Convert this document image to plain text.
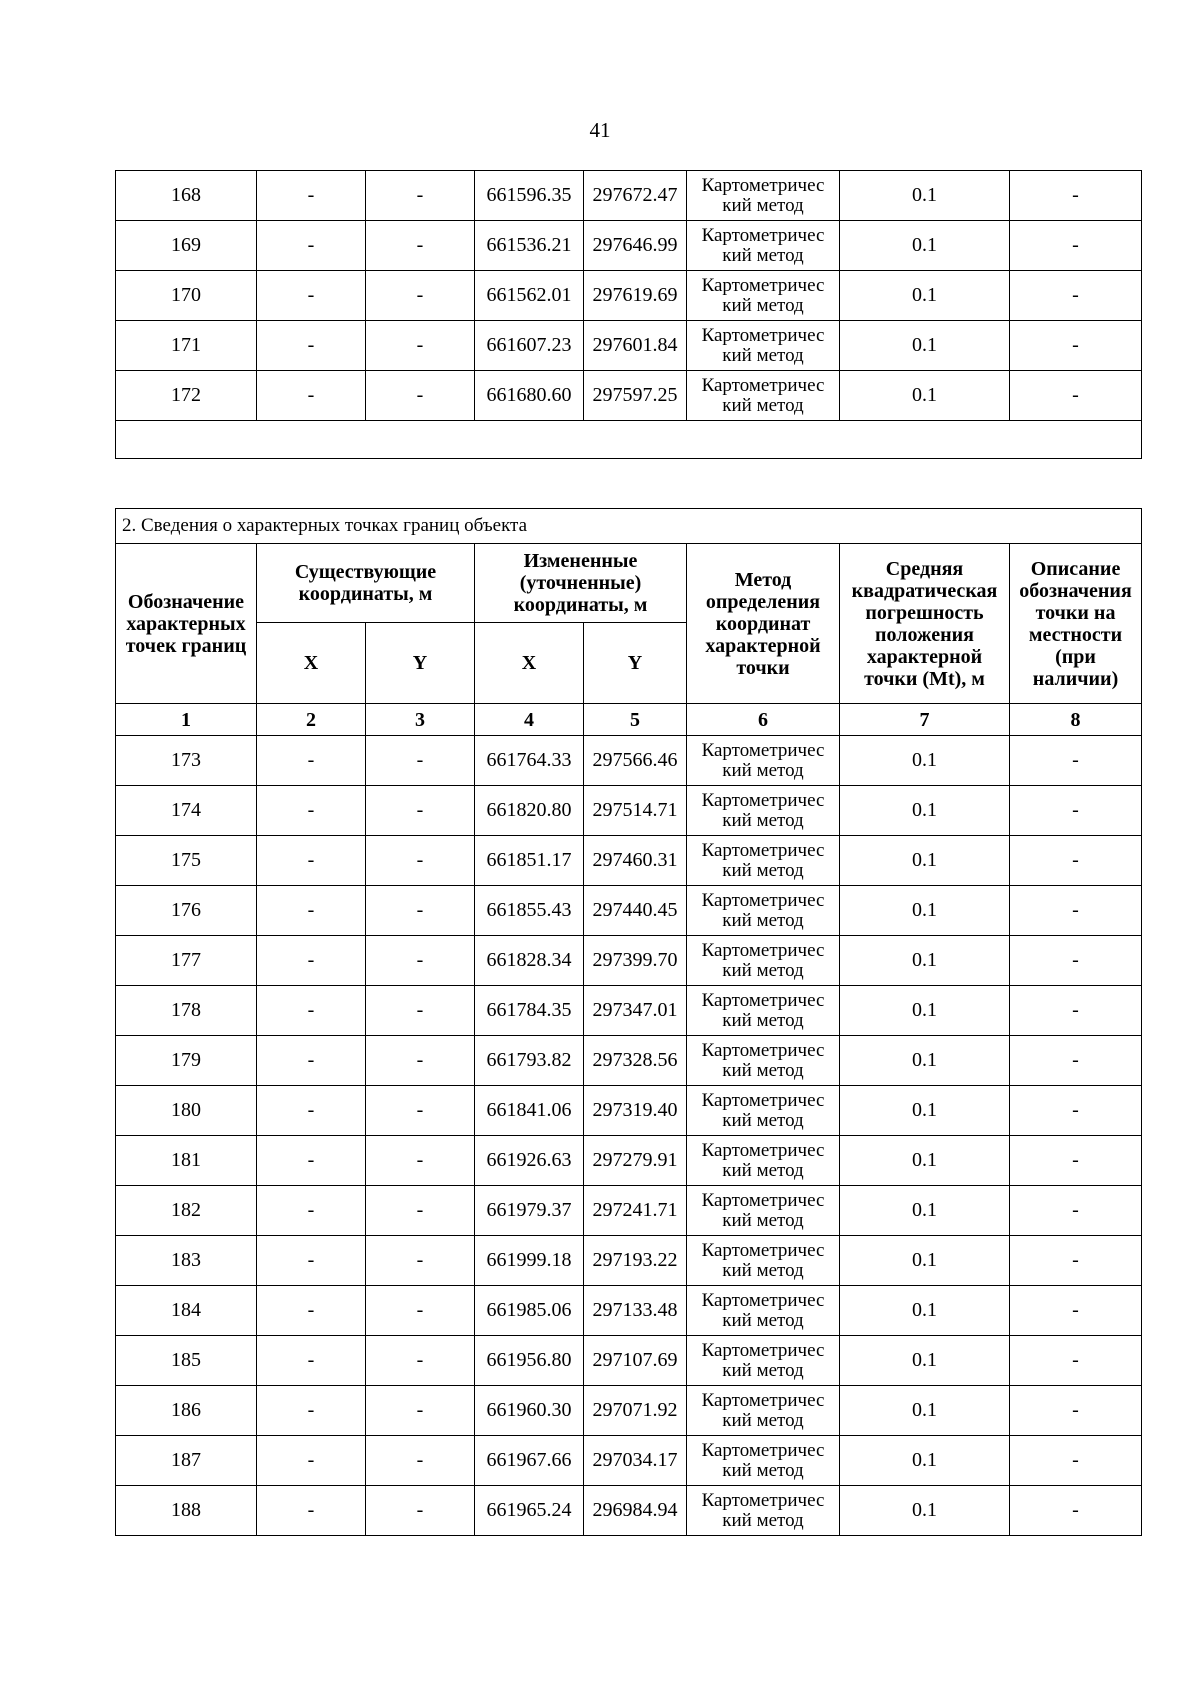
41
168	-	-	661596.35	297672.47	Картометричес кий метод	0.1	-
169	-	-	661536.21	297646.99	Картометричес кий метод	0.1	-
170	-	-	661562.01	297619.69	Картометричес кий метод	0.1	-
171	-	-	661607.23	297601.84	Картометричес кий метод	0.1	-
172	-	-	661680.60	297597.25	Картометричес кий метод	0.1	-

2. Сведения о характерных точках границ объекта							
Обозначение характерных точек границ	Существующие координаты, м		Измененные (уточненные) координаты, м		Метод определения координат характерной точки	Средняя квадратическая погрешность положения характерной точки (Mt), м	Описание обозначения точки на местности (при наличии)
	X	Y	X	Y			
1	2	3	4	5	6	7	8
173	-	-	661764.33	297566.46	Картометричес кий метод	0.1	-
174	-	-	661820.80	297514.71	Картометричес кий метод	0.1	-
175	-	-	661851.17	297460.31	Картометричес кий метод	0.1	-
176	-	-	661855.43	297440.45	Картометричес кий метод	0.1	-
177	-	-	661828.34	297399.70	Картометричес кий метод	0.1	-
178	-	-	661784.35	297347.01	Картометричес кий метод	0.1	-
179	-	-	661793.82	297328.56	Картометричес кий метод	0.1	-
180	-	-	661841.06	297319.40	Картометричес кий метод	0.1	-
181	-	-	661926.63	297279.91	Картометричес кий метод	0.1	-
182	-	-	661979.37	297241.71	Картометричес кий метод	0.1	-
183	-	-	661999.18	297193.22	Картометричес кий метод	0.1	-
184	-	-	661985.06	297133.48	Картометричес кий метод	0.1	-
185	-	-	661956.80	297107.69	Картометричес кий метод	0.1	-
186	-	-	661960.30	297071.92	Картометричес кий метод	0.1	-
187	-	-	661967.66	297034.17	Картометричес кий метод	0.1	-
188	-	-	661965.24	296984.94	Картометричес кий метод	0.1	-
